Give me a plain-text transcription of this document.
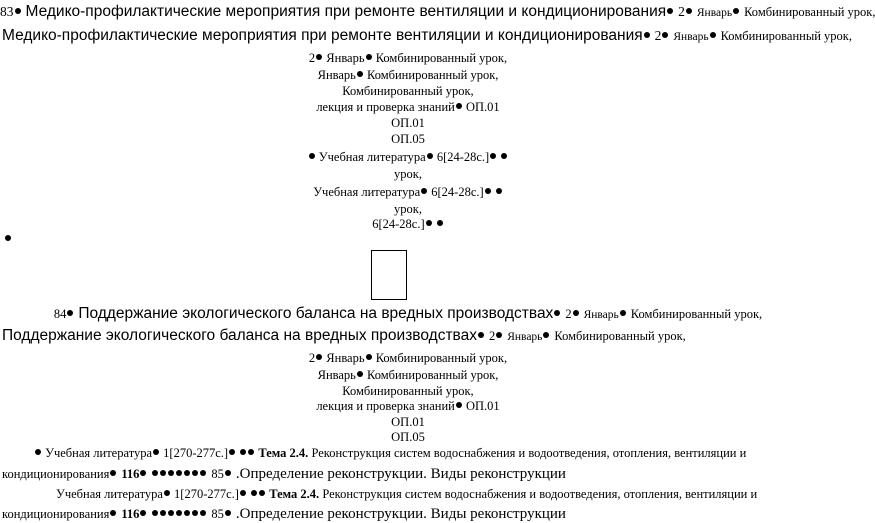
83 Медико-профилактические мероприятия при ремонте вентиляции и кондиционирования 2 Январь Комбинированный урок,
Медико-профилактические мероприятия при ремонте вентиляции и кондиционирования 2 Январь Комбинированный урок,
2 Январь Комбинированный урок,
Январь Комбинированный урок,
Комбинированный урок,
лекция и проверка знаний ОП.01
ОП.01
ОП.05
Учебная литература 6[24-28с.]
урок,
Учебная литература 6[24-28с.]
урок,
6[24-28с.]
84 Поддержание экологического баланса на вредных производствах 2 Январь Комбинированный урок,
Поддержание экологического баланса на вредных производствах 2 Январь Комбинированный урок,
2 Январь Комбинированный урок,
Январь Комбинированный урок,
Комбинированный урок,
лекция и проверка знаний ОП.01
ОП.01
ОП.05
Учебная литература 1[270-277с.] Тема 2.4. Реконструкция систем водоснабжения и водоотведения, отопления, вентиляции и
кондиционирования 116	85 .Определение реконструкции. Виды реконструкции
Учебная литература 1[270-277с.] Тема 2.4. Реконструкция систем водоснабжения и водоотведения, отопления, вентиляции и
кондиционирования 116	85 .Определение реконструкции. Виды реконструкции
